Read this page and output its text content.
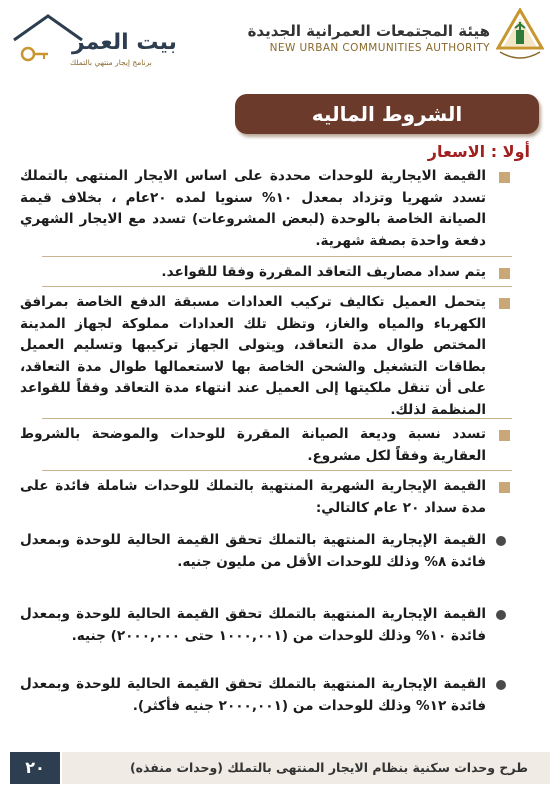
هيئة المجتمعات العمرانية الجديدة
NEW URBAN COMMUNITIES AUTHORITY
بيت العمر
برنامج إيجار منتهي بالتملك
الشروط الماليه
أولا : الاسعار
القيمة الايجارية للوحدات محددة على اساس الايجار المنتهى بالتملك تسدد شهريا وتزداد بمعدل ١٠% سنويا لمده ٢٠عام ، بخلاف قيمة الصيانة الخاصة بالوحدة (لبعض المشروعات) تسدد مع الايجار الشهري دفعة واحدة بصفة شهرية.
يتم سداد مصاريف التعاقد المقررة وفقا للقواعد.
يتحمل العميل تكاليف تركيب العدادات مسبقة الدفع الخاصة بمرافق الكهرباء والمياه والغاز، وتظل تلك العدادات مملوكة لجهاز المدينة المختص طوال مدة التعاقد، ويتولى الجهاز تركيبها وتسليم العميل بطاقات التشغيل والشحن الخاصة بها لاستعمالها طوال مدة التعاقد، على أن تنقل ملكيتها إلى العميل عند انتهاء مدة التعاقد وفقاً للقواعد المنظمة لذلك.
تسدد نسبة وديعة الصيانة المقررة للوحدات والموضحة بالشروط العقارية وفقاً لكل مشروع.
القيمة الإيجارية الشهرية المنتهية بالتملك للوحدات شاملة فائدة على مدة سداد ٢٠ عام كالتالي:
القيمة الإيجارية المنتهية بالتملك تحقق القيمة الحالية للوحدة وبمعدل فائدة ٨% وذلك للوحدات الأقل من مليون جنيه.
القيمة الإيجارية المنتهية بالتملك تحقق القيمة الحالية للوحدة وبمعدل فائدة ١٠% وذلك للوحدات من (١٠٠٠,٠٠١ حتى ٢٠٠٠,٠٠٠) جنيه.
القيمة الإيجارية المنتهية بالتملك تحقق القيمة الحالية للوحدة وبمعدل فائدة ١٢% وذلك للوحدات من (٢٠٠٠,٠٠١ جنيه فأكثر).
طرح وحدات سكنية بنظام الايجار المنتهى بالتملك (وحدات منفذه)
٢٠
